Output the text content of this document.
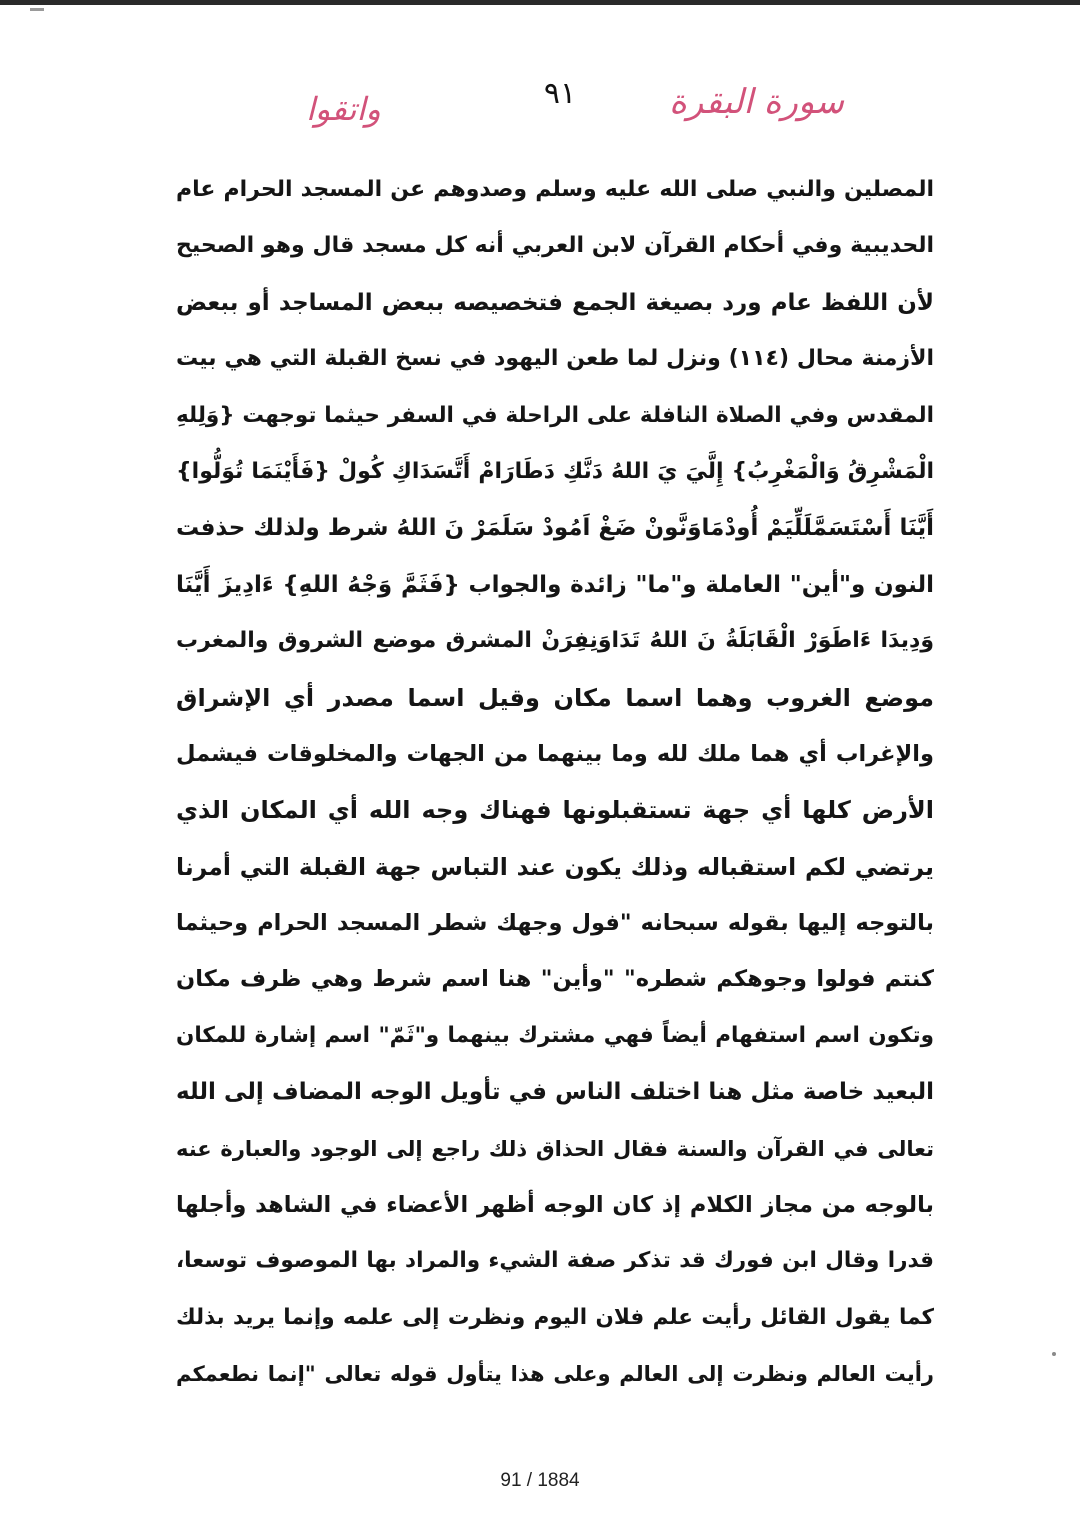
سورة البقرة
٩١
واتقوا
المصلين والنبي صلى الله عليه وسلم وصدوهم عن المسجد الحرام عام
الحديبية وفي أحكام القرآن لابن العربي أنه كل مسجد قال وهو الصحيح
لأن اللفظ عام ورد بصيغة الجمع فتخصيصه ببعض المساجد أو ببعض
الأزمنة محال (١١٤) ونزل لما طعن اليهود في نسخ القبلة التي هي بيت
المقدس وفي الصلاة النافلة على الراحلة في السفر حيثما توجهت {وَلِلهِ
الْمَشْرِقُ وَالْمَغْرِبُ} إِلَّيَ يَ اللهُ دَنَّكِ دَطَارَامْ أَتَّسَدَاكِ كُولْ {فَأَيْنَمَا تُوَلُّوا}
أَيَّنَا أَسْتَسَمَّلَلِّيَمْ أُودْمَاوَنَّونْ ضَغْ اَمُودْ سَلَمَرْ نَ اللهُ شرط ولذلك حذفت
النون و"أين" العاملة و"ما" زائدة والجواب {فَثَمَّ وَجْهُ اللهِ} ءَادِيزَ أَيَّنَا
وَدِيدَا ءَاطَوَرْ الْقَابَلَةُ نَ اللهُ تَدَاوَنِفِرَنْ المشرق موضع الشروق والمغرب
موضع الغروب وهما اسما مكان وقيل اسما مصدر أي الإشراق
والإغراب أي هما ملك لله وما بينهما من الجهات والمخلوقات فيشمل
الأرض كلها أي جهة تستقبلونها فهناك وجه الله أي المكان الذي
يرتضي لكم استقباله وذلك يكون عند التباس جهة القبلة التي أمرنا
بالتوجه إليها بقوله سبحانه "فول وجهك شطر المسجد الحرام وحيثما
كنتم فولوا وجوهكم شطره" "وأين" هنا اسم شرط وهي ظرف مكان
وتكون اسم استفهام أيضاً فهي مشترك بينهما و"ثَمّ" اسم إشارة للمكان
البعيد خاصة مثل هنا اختلف الناس في تأويل الوجه المضاف إلى الله
تعالى في القرآن والسنة فقال الحذاق ذلك راجع إلى الوجود والعبارة عنه
بالوجه من مجاز الكلام إذ كان الوجه أظهر الأعضاء في الشاهد وأجلها
قدرا وقال ابن فورك قد تذكر صفة الشيء والمراد بها الموصوف توسعا،
كما يقول القائل رأيت علم فلان اليوم ونظرت إلى علمه وإنما يريد بذلك
رأيت العالم ونظرت إلى العالم وعلى هذا يتأول قوله تعالى "إنما نطعمكم
91 / 1884
